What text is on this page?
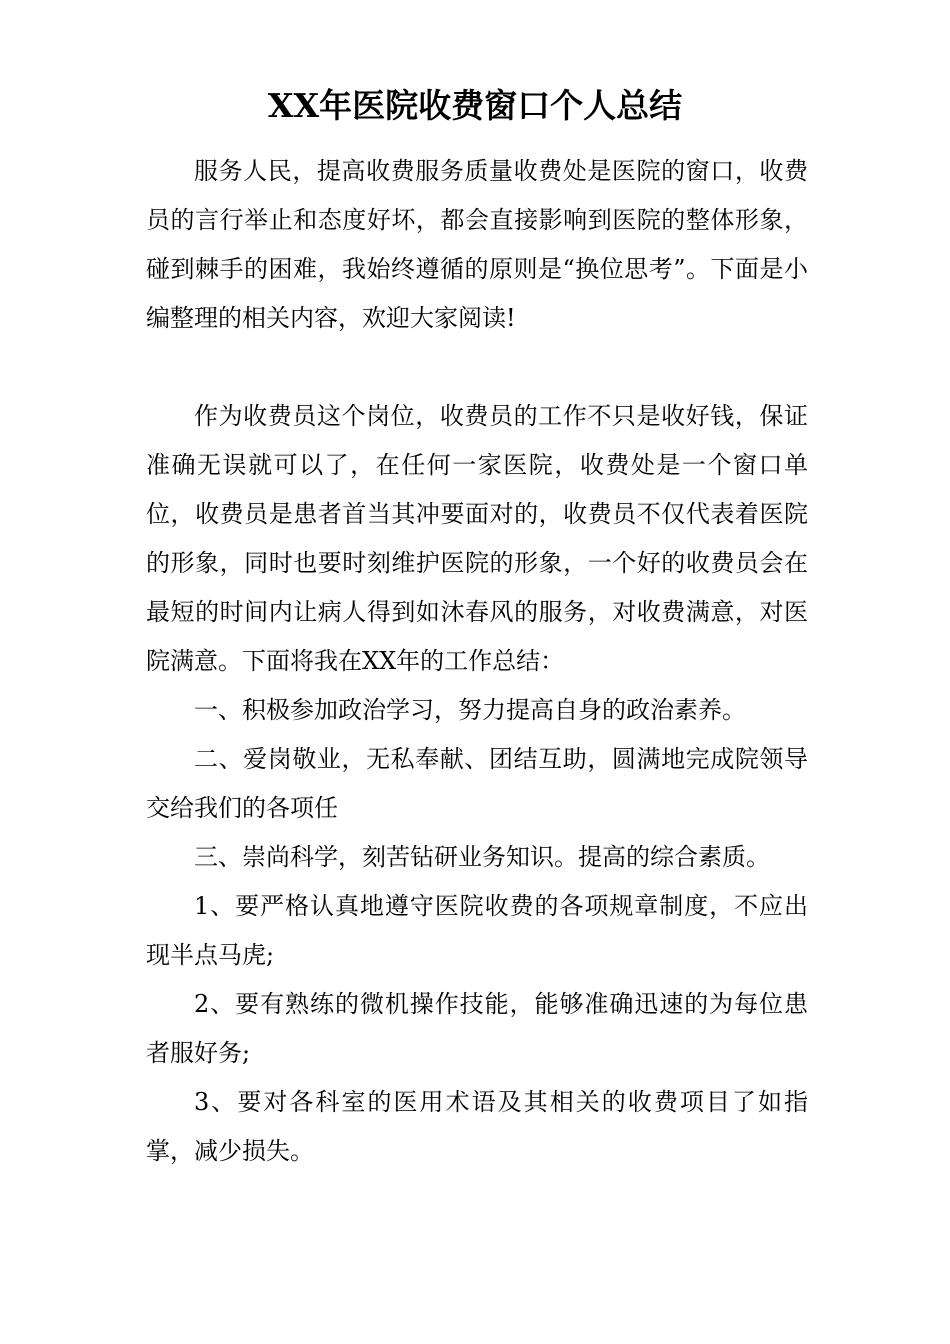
XX年医院收费窗口个人总结

服务人民，提高收费服务质量收费处是医院的窗口，收费员的言行举止和态度好坏，都会直接影响到医院的整体形象，碰到棘手的困难，我始终遵循的原则是“换位思考”。下面是小编整理的相关内容，欢迎大家阅读!

作为收费员这个岗位，收费员的工作不只是收好钱，保证准确无误就可以了，在任何一家医院，收费处是一个窗口单位，收费员是患者首当其冲要面对的，收费员不仅代表着医院的形象，同时也要时刻维护医院的形象，一个好的收费员会在最短的时间内让病人得到如沐春风的服务，对收费满意，对医院满意。下面将我在XX年的工作总结：

一、积极参加政治学习，努力提高自身的政治素养。

二、爱岗敬业，无私奉献、团结互助，圆满地完成院领导交给我们的各项任

三、崇尚科学，刻苦钻研业务知识。提高的综合素质。

1、要严格认真地遵守医院收费的各项规章制度，不应出现半点马虎;

2、要有熟练的微机操作技能，能够准确迅速的为每位患者服好务;

3、要对各科室的医用术语及其相关的收费项目了如指掌，减少损失。
